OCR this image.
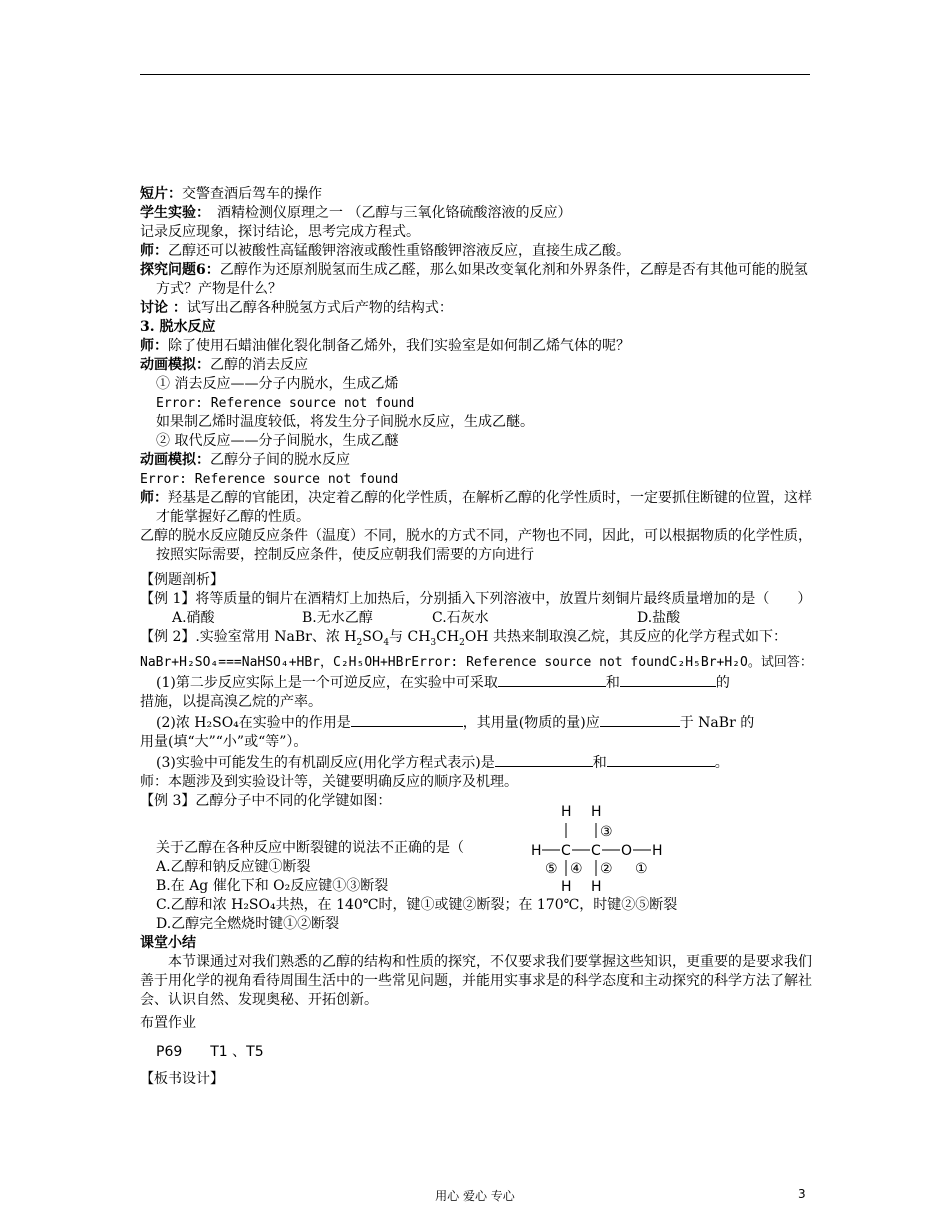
短片：交警查酒后驾车的操作

学生实验：　酒精检测仪原理之一 （乙醇与三氧化铬硫酸溶液的反应）

记录反应现象，探讨结论，思考完成方程式。

师：乙醇还可以被酸性高锰酸钾溶液或酸性重铬酸钾溶液反应，直接生成乙酸。

探究问题6：乙醇作为还原剂脱氢而生成乙醛，那么如果改变氧化剂和外界条件，乙醇是否有其他可能的脱氢方式？产物是什么？

讨论 ：试写出乙醇各种脱氢方式后产物的结构式：

3. 脱水反应

师：除了使用石蜡油催化裂化制备乙烯外，我们实验室是如何制乙烯气体的呢？

动画模拟：乙醇的消去反应

① 消去反应——分子内脱水，生成乙烯

Error: Reference source not found

如果制乙烯时温度较低，将发生分子间脱水反应，生成乙醚。

② 取代反应——分子间脱水，生成乙醚

动画模拟：乙醇分子间的脱水反应

Error: Reference source not found

师：羟基是乙醇的官能团，决定着乙醇的化学性质，在解析乙醇的化学性质时，一定要抓住断键的位置，这样才能掌握好乙醇的性质。

乙醇的脱水反应随反应条件（温度）不同，脱水的方式不同，产物也不同，因此，可以根据物质的化学性质，按照实际需要，控制反应条件，使反应朝我们需要的方向进行

【例题剖析】

【例 1】将等质量的铜片在酒精灯上加热后，分别插入下列溶液中，放置片刻铜片最终质量增加的是（　　）

A.硝酸	B.无水乙醇	C.石灰水	D.盐酸

【例 2】.实验室常用 NaBr、浓 $H_2SO_4$与 $CH_3CH_2OH$ 共热来制取溴乙烷，其反应的化学方程式如下：

NaBr+H₂SO₄===NaHSO₄+HBr，C₂H₅OH+HBrError: Reference source not foundC₂H₅Br+H₂O。试回答：

(1)第二步反应实际上是一个可逆反应，在实验中可采取	和	的

措施，以提高溴乙烷的产率。

(2)浓 H₂SO₄在实验中的作用是	，其用量(物质的量)应	于 NaBr 的

用量(填“大”“小”或“等”）。

(3)实验中可能发生的有机副反应(用化学方程式表示)是	和	。

师：本题涉及到实验设计等，关键要明确反应的顺序及机理。

【例 3】乙醇分子中不同的化学键如图：

关于乙醇在各种反应中断裂键的说法不正确的是（

A.乙醇和钠反应键①断裂

B.在 Ag 催化下和 O₂反应键①③断裂

C.乙醇和浓 H₂SO₄共热，在 140℃时，键①或键②断裂；在 170℃，时键②⑤断裂

D.乙醇完全燃烧时键①②断裂

课堂小结

本节课通过对我们熟悉的乙醇的结构和性质的探究，不仅要求我们要掌握这些知识，更重要的是要求我们善于用化学的视角看待周围生活中的一些常见问题，并能用实事求是的科学态度和主动探究的科学方法了解社会、认识自然、发现奥秘、开拓创新。

布置作业

P69　　T1 、T5

【板书设计】

H H
③
H C C O H
⑤ ④ ② ①
H H
用心 爱心 专心	3
